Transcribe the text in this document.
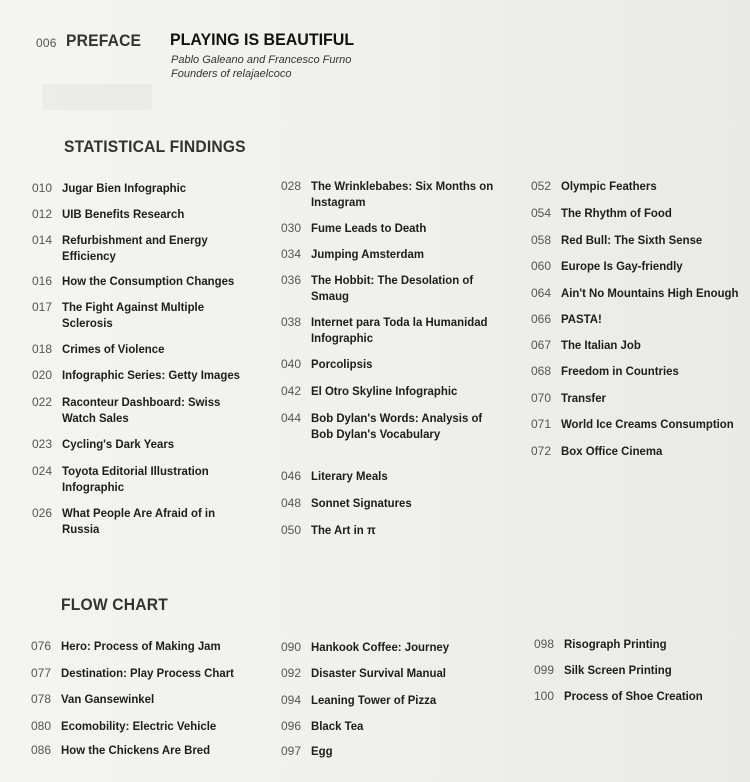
006 PREFACE PLAYING IS BEAUTIFUL
Pablo Galeano and Francesco Furno
Founders of relajaelcoco
STATISTICAL FINDINGS
010 Jugar Bien Infographic
012 UIB Benefits Research
014 Refurbishment and Energy Efficiency
016 How the Consumption Changes
017 The Fight Against Multiple Sclerosis
018 Crimes of Violence
020 Infographic Series: Getty Images
022 Raconteur Dashboard: Swiss Watch Sales
023 Cycling's Dark Years
024 Toyota Editorial Illustration Infographic
026 What People Are Afraid of in Russia
028 The Wrinklebabes: Six Months on Instagram
030 Fume Leads to Death
034 Jumping Amsterdam
036 The Hobbit: The Desolation of Smaug
038 Internet para Toda la Humanidad Infographic
040 Porcolipsis
042 El Otro Skyline Infographic
044 Bob Dylan's Words: Analysis of Bob Dylan's Vocabulary
046 Literary Meals
048 Sonnet Signatures
050 The Art in π
052 Olympic Feathers
054 The Rhythm of Food
058 Red Bull: The Sixth Sense
060 Europe Is Gay-friendly
064 Ain't No Mountains High Enough
066 PASTA!
067 The Italian Job
068 Freedom in Countries
070 Transfer
071 World Ice Creams Consumption
072 Box Office Cinema
FLOW CHART
076 Hero: Process of Making Jam
077 Destination: Play Process Chart
078 Van Gansewinkel
080 Ecomobility: Electric Vehicle
086 How the Chickens Are Bred
090 Hankook Coffee: Journey
092 Disaster Survival Manual
094 Leaning Tower of Pizza
096 Black Tea
097 Egg
098 Risograph Printing
099 Silk Screen Printing
100 Process of Shoe Creation
